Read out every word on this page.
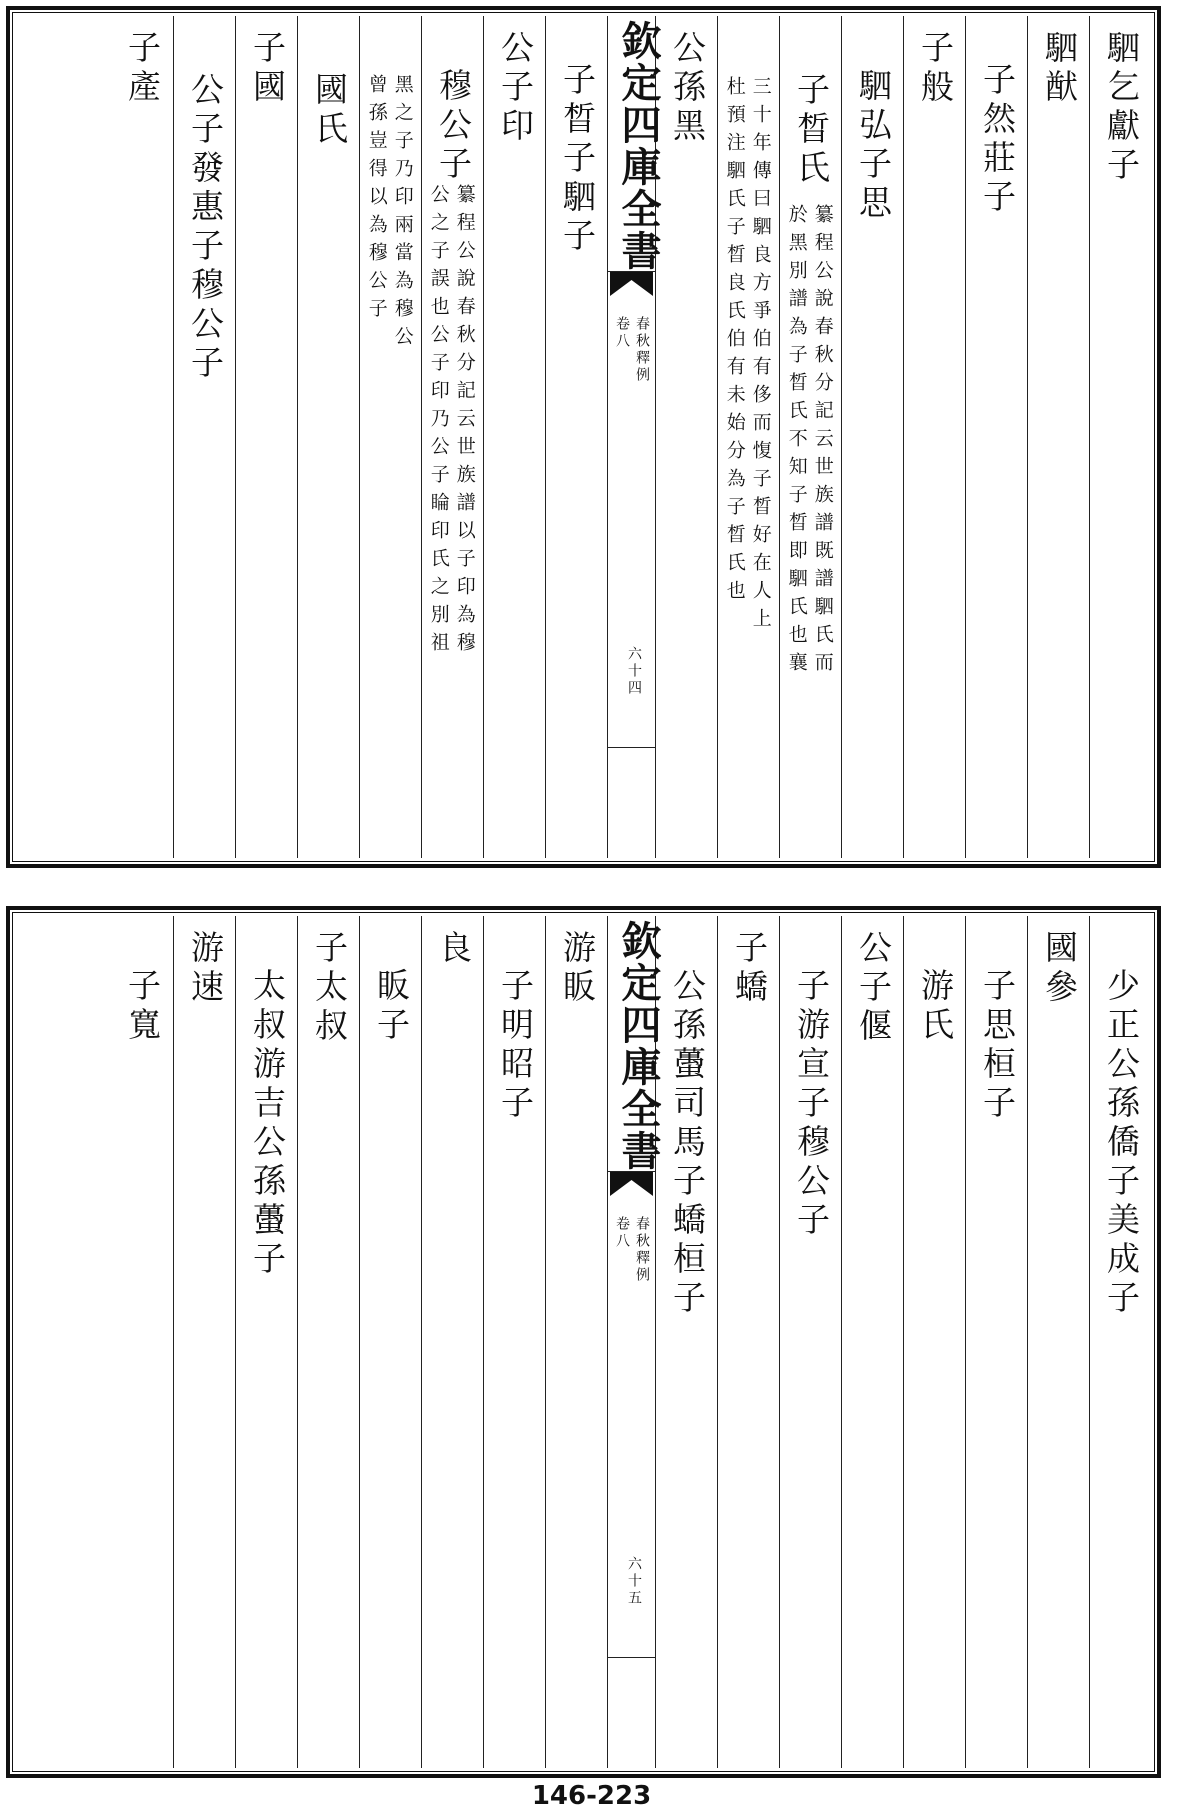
駟乞獻子
駟猷
子然莊子
子般
駟弘子思
子晳氏
纂程公說春秋分記云世族譜既譜駟氏而
於黑別譜為子晳氏不知子晳即駟氏也襄
三十年傳曰駟良方爭伯有侈而愎子晳好在人上
杜預注駟氏子晳良氏伯有未始分為子晳氏也
公孫黑
欽定四庫全書
春秋釋例
卷八
六十四
子晳子駟子
公子印
穆公子
纂程公說春秋分記云世族譜以子印為穆
公之子誤也公子印乃公子睔印氏之別祖
黑之子乃印兩當為穆公
曾孫豈得以為穆公子
國氏
子國
公子發惠子穆公子
子產
少正公孫僑子美成子
國參
子思桓子
游氏
公子偃
子游宣子穆公子
子蟜
公孫蠆司馬子蟜桓子
欽定四庫全書
春秋釋例
卷八
六十五
游眅
子明昭子
良
眅子
子太叔
太叔游吉公孫蠆子
游速
子寬
146-223
